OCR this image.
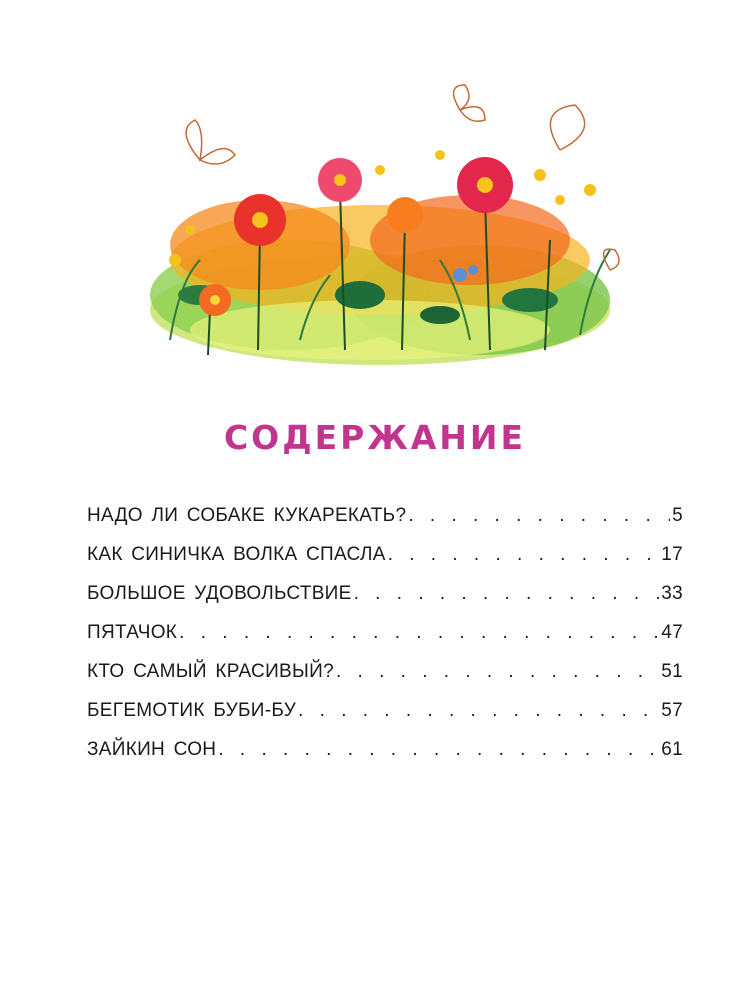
СОДЕРЖАНИЕ
НАДО ЛИ СОБАКЕ КУКАРЕКАТЬ? . . .	5
КАК СИНИЧКА ВОЛКА СПАСЛА . . .	17
БОЛЬШОЕ УДОВОЛЬСТВИЕ . . .	33
ПЯТАЧОК . . .	47
КТО САМЫЙ КРАСИВЫЙ? . . .	51
БЕГЕМОТИК БУБИ-БУ . . .	57
ЗАЙКИН СОН . . .	61
